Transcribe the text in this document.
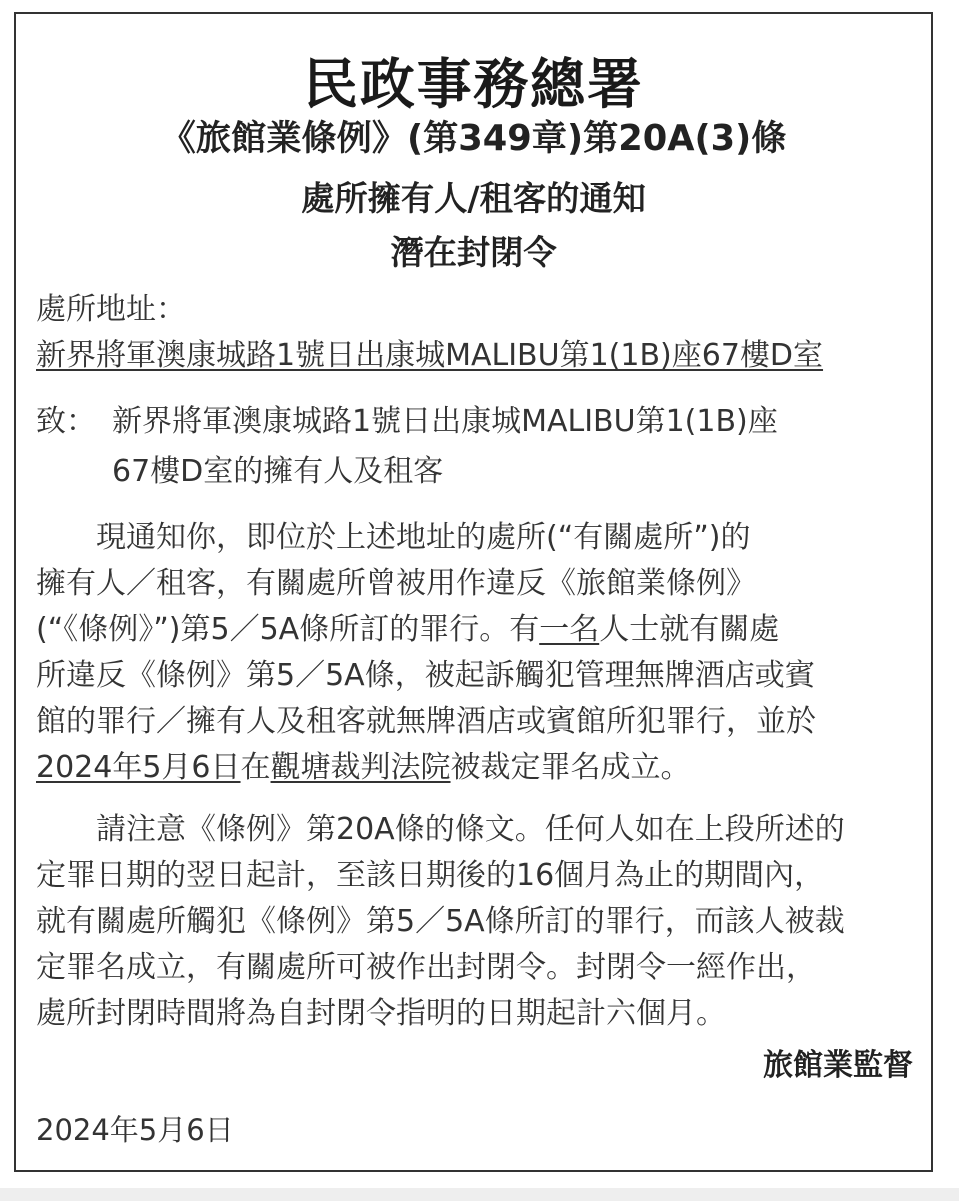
民政事務總署
《旅館業條例》(第349章)第20A(3)條
處所擁有人/租客的通知
潛在封閉令
處所地址：
新界將軍澳康城路1號日出康城MALIBU第1(1B)座67樓D室
致： 新界將軍澳康城路1號日出康城MALIBU第1(1B)座
67樓D室的擁有人及租客
　　現通知你，即位於上述地址的處所(“有關處所”)的
擁有人／租客，有關處所曾被用作違反《旅館業條例》
(“《條例》”)第5／5A條所訂的罪行。有 一名 人士就有關處
所違反《條例》第5／5A條，被起訴觸犯管理無牌酒店或賓
館的罪行／擁有人及租客就無牌酒店或賓館所犯罪行，並於
2024年5月6日 在 觀塘裁判法院 被裁定罪名成立。
　　請注意《條例》第20A條的條文。任何人如在上段所述的
定罪日期的翌日起計，至該日期後的16個月為止的期間內，
就有關處所觸犯《條例》第5／5A條所訂的罪行，而該人被裁
定罪名成立，有關處所可被作出封閉令。封閉令一經作出，
處所封閉時間將為自封閉令指明的日期起計六個月。
旅館業監督
2024年5月6日
